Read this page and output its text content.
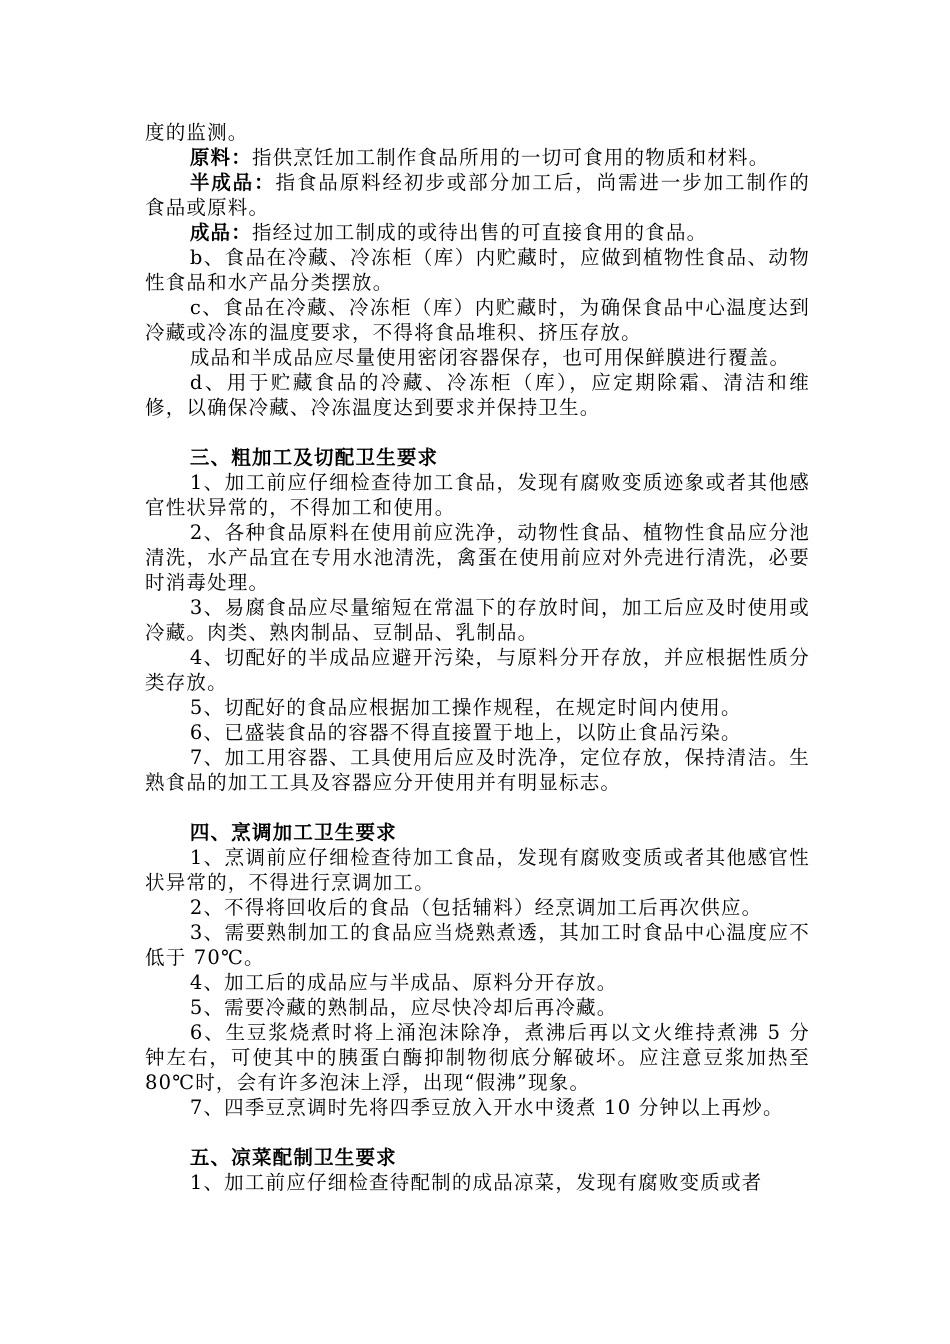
度的监测。

原料：指供烹饪加工制作食品所用的一切可食用的物质和材料。

半成品：指食品原料经初步或部分加工后，尚需进一步加工制作的食品或原料。

成品：指经过加工制成的或待出售的可直接食用的食品。

b、食品在冷藏、冷冻柜（库）内贮藏时，应做到植物性食品、动物性食品和水产品分类摆放。

c、食品在冷藏、冷冻柜（库）内贮藏时，为确保食品中心温度达到冷藏或冷冻的温度要求，不得将食品堆积、挤压存放。

成品和半成品应尽量使用密闭容器保存，也可用保鲜膜进行覆盖。

d、用于贮藏食品的冷藏、冷冻柜（库），应定期除霜、清洁和维修，以确保冷藏、冷冻温度达到要求并保持卫生。

三、粗加工及切配卫生要求

1、加工前应仔细检查待加工食品，发现有腐败变质迹象或者其他感官性状异常的，不得加工和使用。

2、各种食品原料在使用前应洗净，动物性食品、植物性食品应分池清洗，水产品宜在专用水池清洗，禽蛋在使用前应对外壳进行清洗，必要时消毒处理。

3、易腐食品应尽量缩短在常温下的存放时间，加工后应及时使用或冷藏。肉类、熟肉制品、豆制品、乳制品。

4、切配好的半成品应避开污染，与原料分开存放，并应根据性质分类存放。

5、切配好的食品应根据加工操作规程，在规定时间内使用。

6、已盛装食品的容器不得直接置于地上，以防止食品污染。

7、加工用容器、工具使用后应及时洗净，定位存放，保持清洁。生熟食品的加工工具及容器应分开使用并有明显标志。

四、烹调加工卫生要求

1、烹调前应仔细检查待加工食品，发现有腐败变质或者其他感官性状异常的，不得进行烹调加工。

2、不得将回收后的食品（包括辅料）经烹调加工后再次供应。

3、需要熟制加工的食品应当烧熟煮透，其加工时食品中心温度应不低于 70℃。

4、加工后的成品应与半成品、原料分开存放。

5、需要冷藏的熟制品，应尽快冷却后再冷藏。

6、生豆浆烧煮时将上涌泡沫除净，煮沸后再以文火维持煮沸 5 分钟左右，可使其中的胰蛋白酶抑制物彻底分解破坏。应注意豆浆加热至 80℃时，会有许多泡沫上浮，出现“假沸”现象。

7、四季豆烹调时先将四季豆放入开水中烫煮 10 分钟以上再炒。

五、凉菜配制卫生要求

1、加工前应仔细检查待配制的成品凉菜，发现有腐败变质或者
